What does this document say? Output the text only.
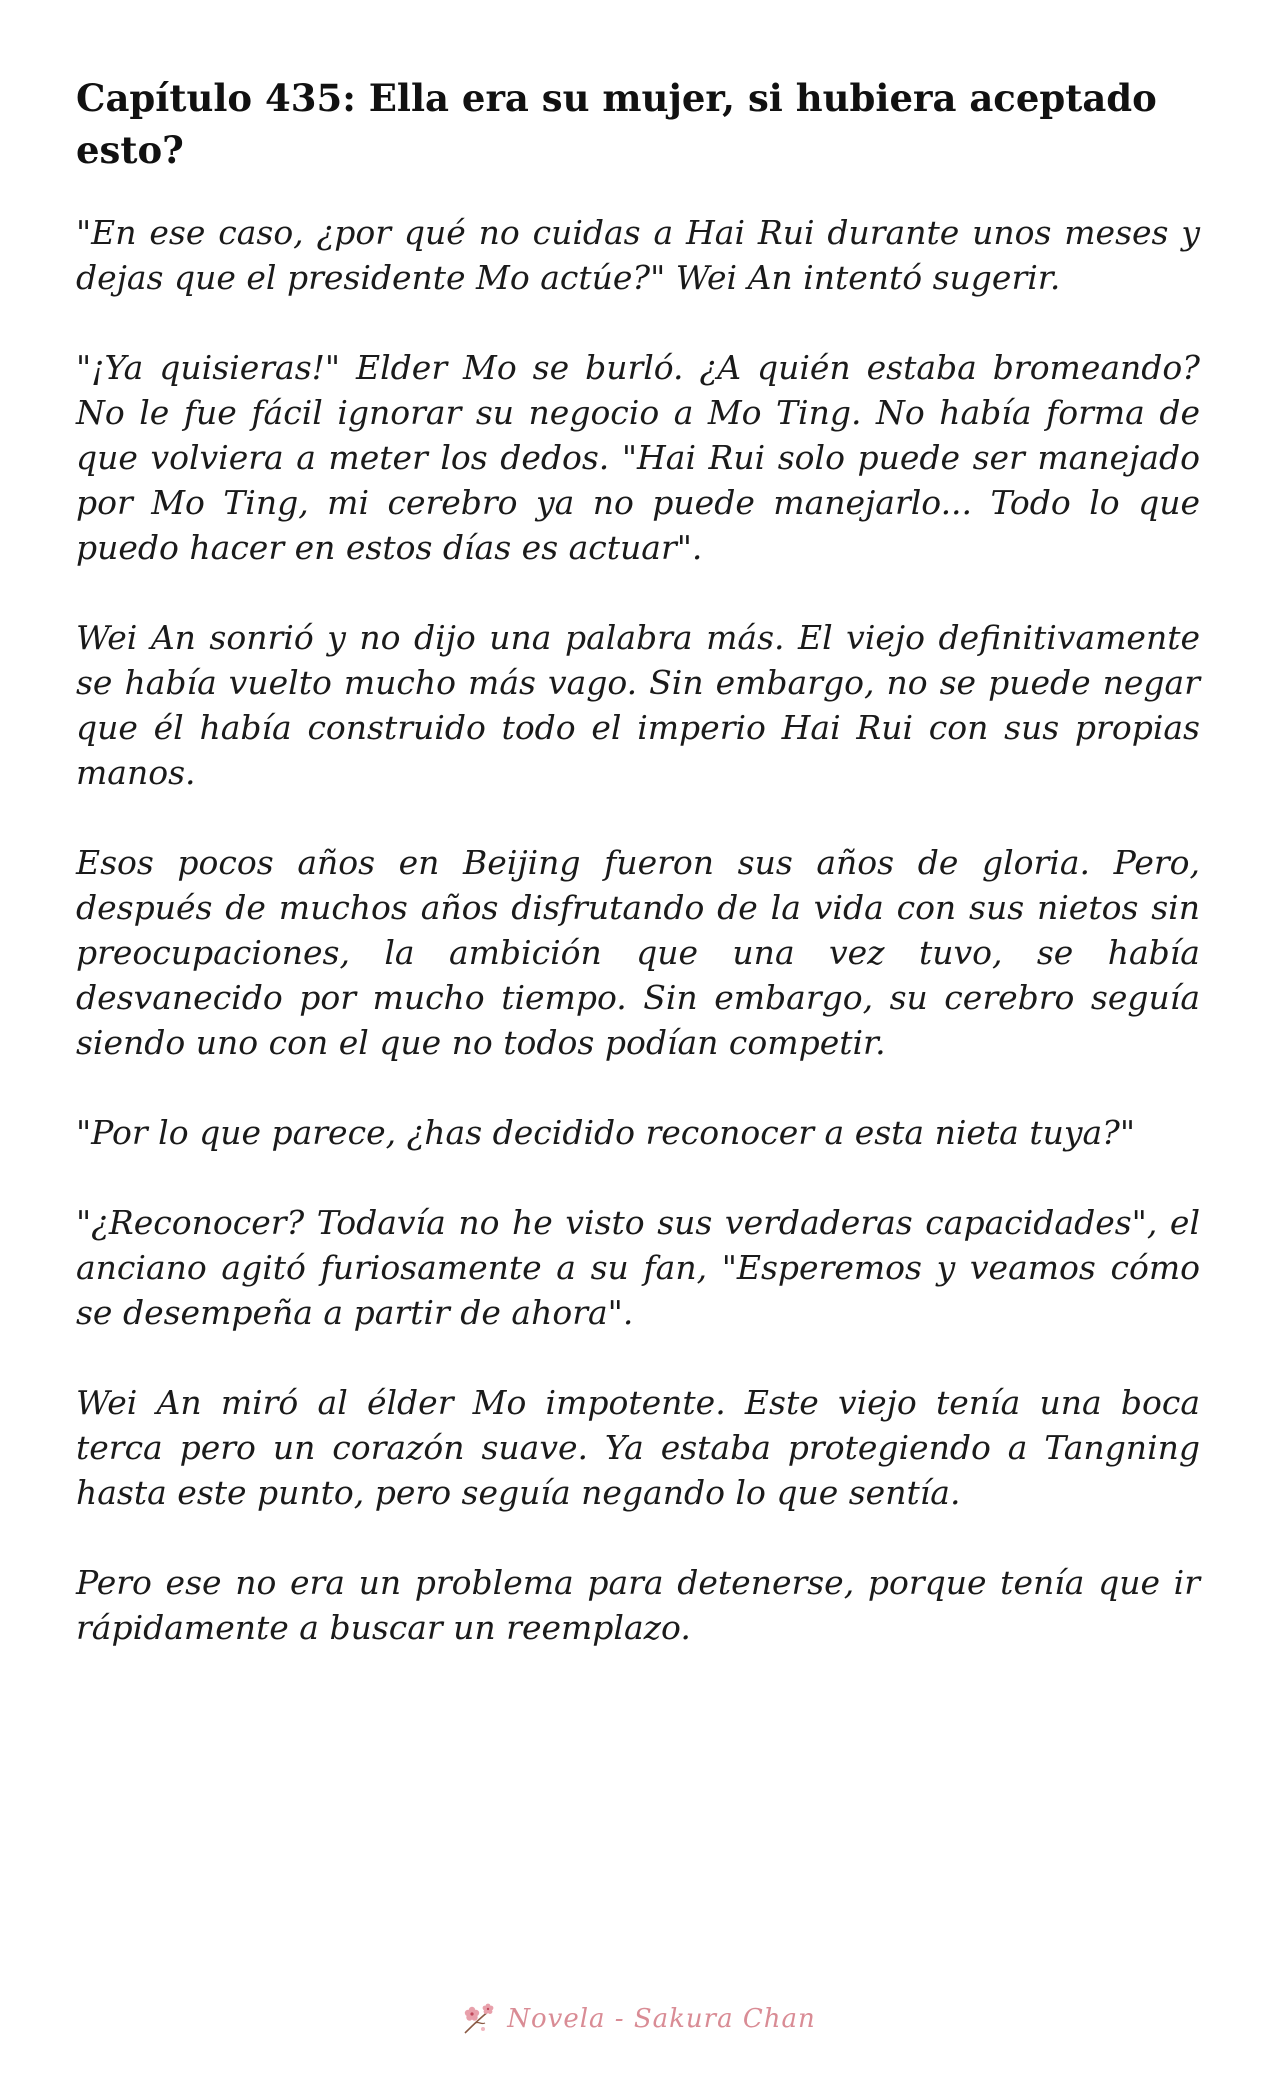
Capítulo 435: Ella era su mujer, si hubiera aceptado esto?

"En ese caso, ¿por qué no cuidas a Hai Rui durante unos meses y dejas que el presidente Mo actúe?" Wei An intentó sugerir.

"¡Ya quisieras!" Elder Mo se burló. ¿A quién estaba bromeando? No le fue fácil ignorar su negocio a Mo Ting. No había forma de que volviera a meter los dedos. "Hai Rui solo puede ser manejado por Mo Ting, mi cerebro ya no puede manejarlo... Todo lo que puedo hacer en estos días es actuar".

Wei An sonrió y no dijo una palabra más. El viejo definitivamente se había vuelto mucho más vago. Sin embargo, no se puede negar que él había construido todo el imperio Hai Rui con sus propias manos.

Esos pocos años en Beijing fueron sus años de gloria. Pero, después de muchos años disfrutando de la vida con sus nietos sin preocupaciones, la ambición que una vez tuvo, se había desvanecido por mucho tiempo. Sin embargo, su cerebro seguía siendo uno con el que no todos podían competir.

"Por lo que parece, ¿has decidido reconocer a esta nieta tuya?"

"¿Reconocer? Todavía no he visto sus verdaderas capacidades", el anciano agitó furiosamente a su fan, "Esperemos y veamos cómo se desempeña a partir de ahora".

Wei An miró al élder Mo impotente. Este viejo tenía una boca terca pero un corazón suave. Ya estaba protegiendo a Tangning hasta este punto, pero seguía negando lo que sentía.

Pero ese no era un problema para detenerse, porque tenía que ir rápidamente a buscar un reemplazo.

Novela - Sakura Chan
